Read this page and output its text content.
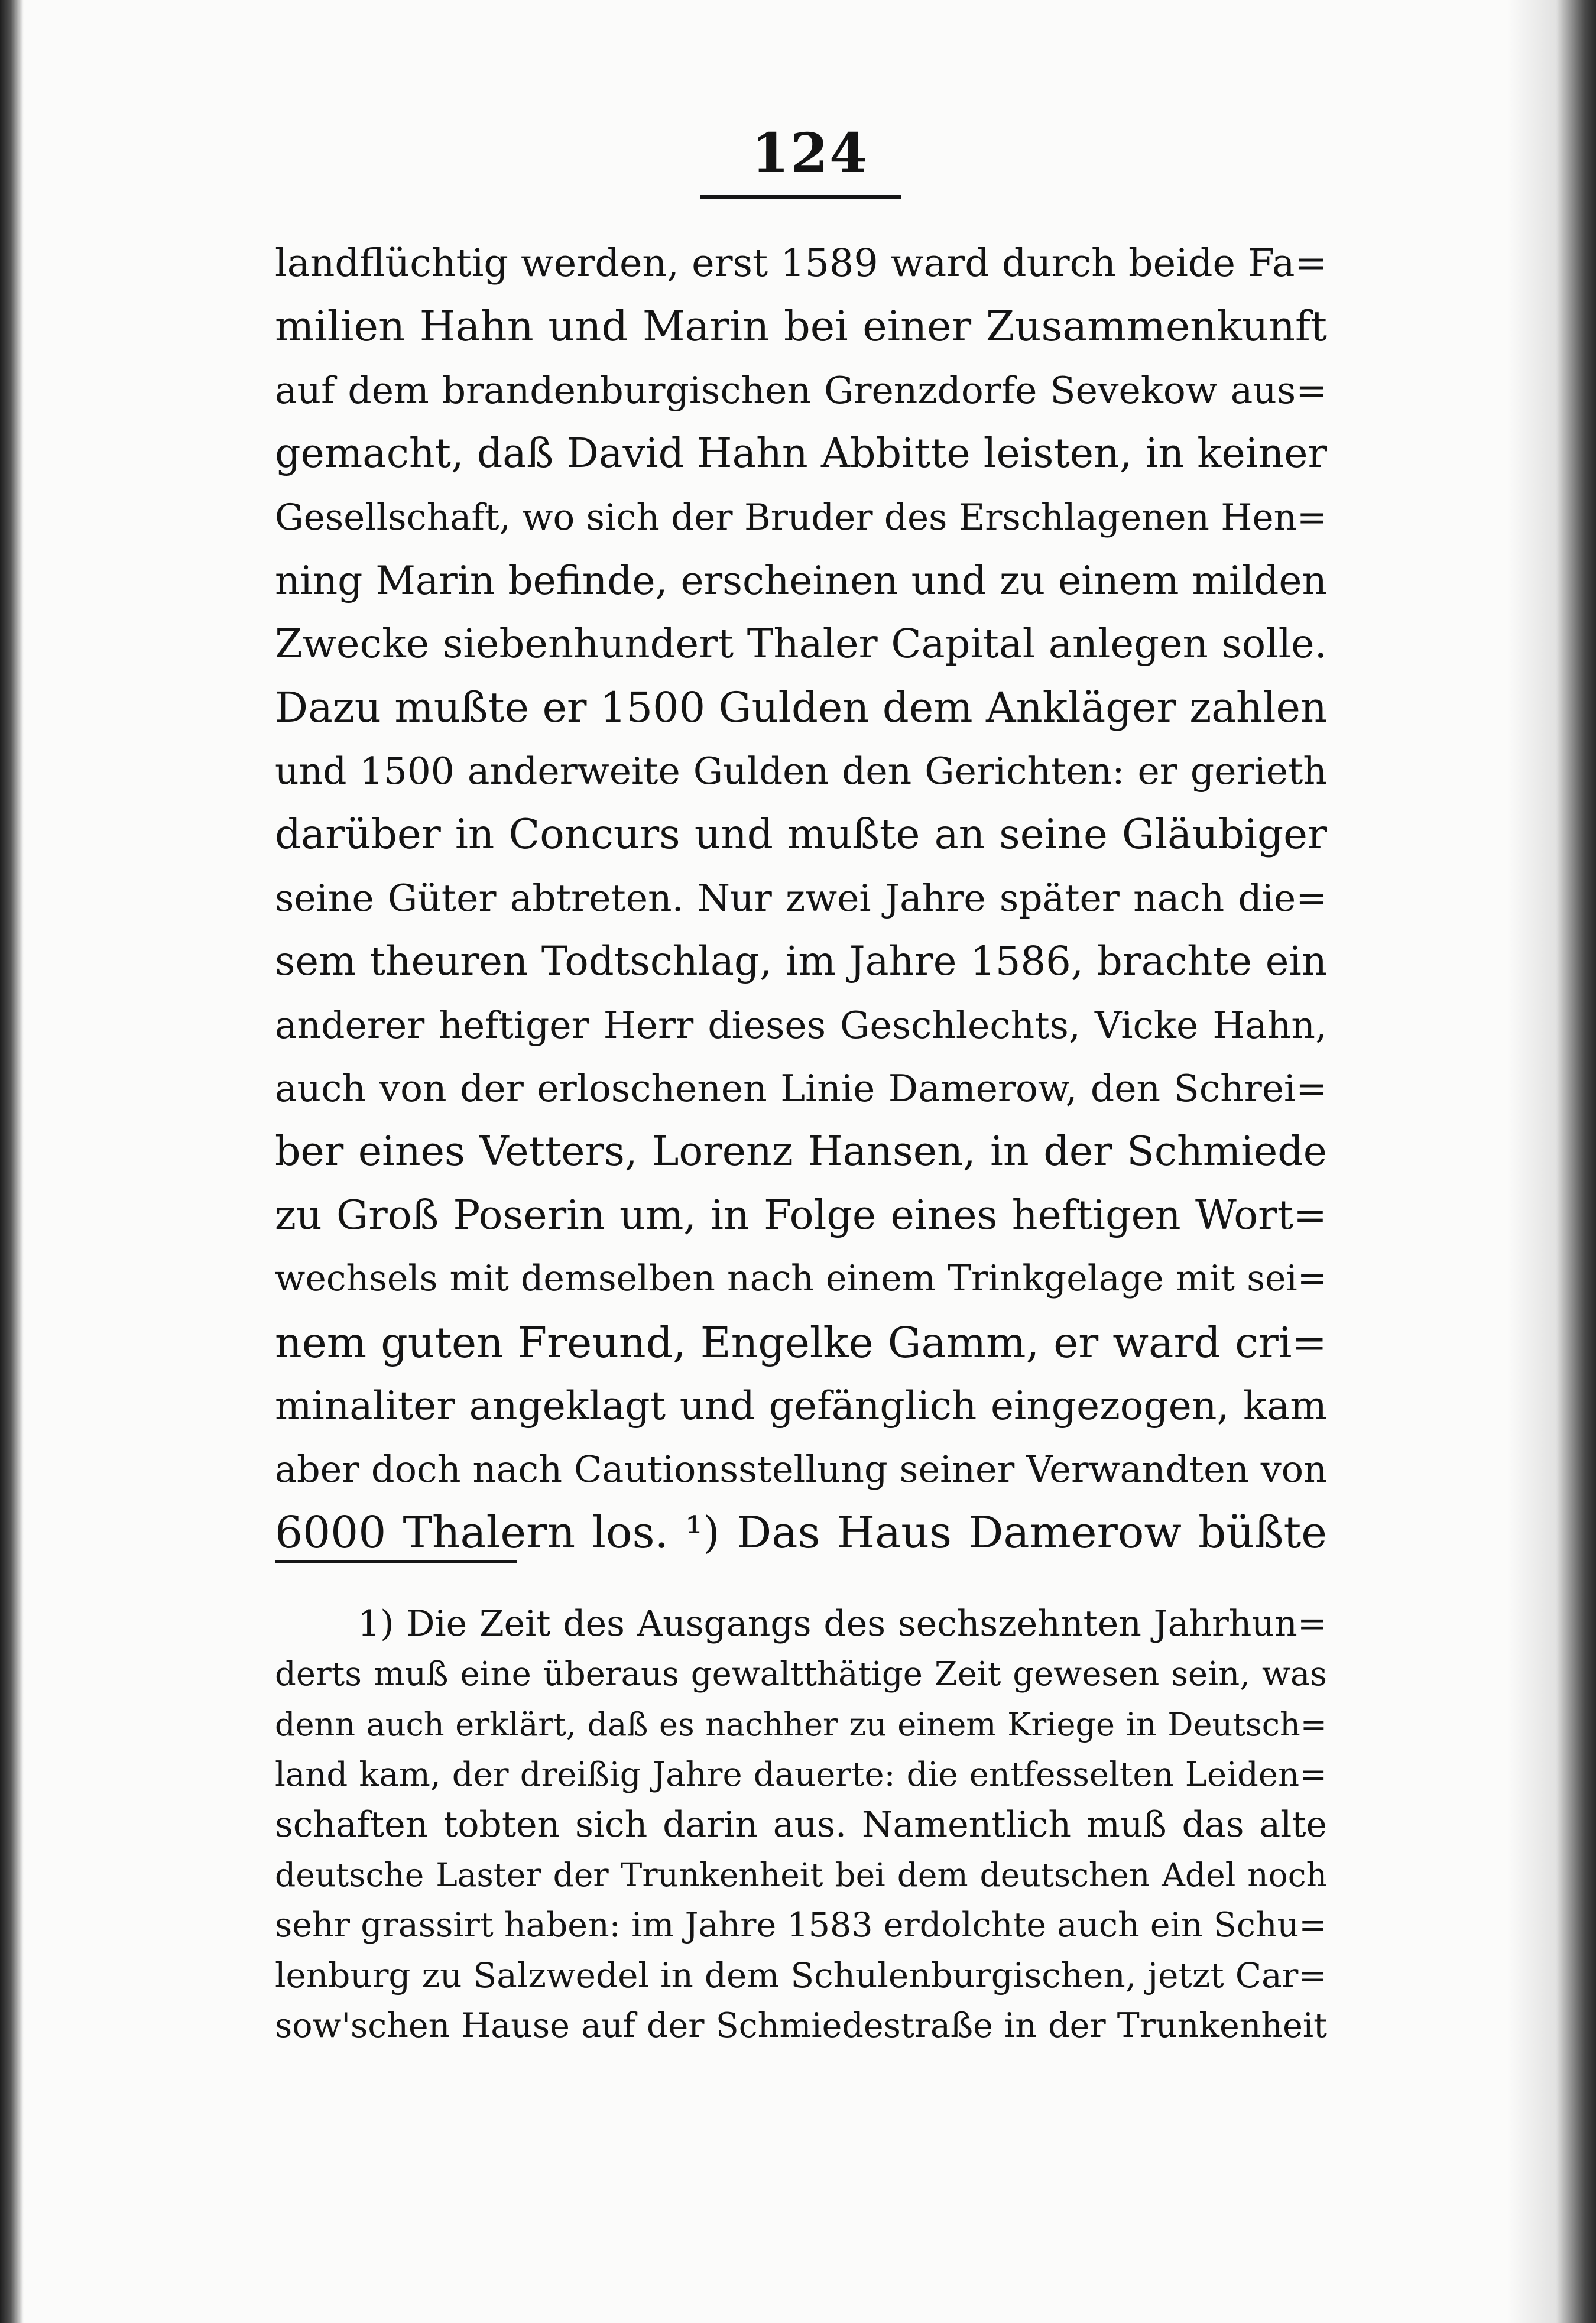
124
landflüchtig werden, erst 1589 ward durch beide Fa=
milien Hahn und Marin bei einer Zusammenkunft
auf dem brandenburgischen Grenzdorfe Sevekow aus=
gemacht, daß David Hahn Abbitte leisten, in keiner
Gesellschaft, wo sich der Bruder des Erschlagenen Hen=
ning Marin befinde, erscheinen und zu einem milden
Zwecke siebenhundert Thaler Capital anlegen solle.
Dazu mußte er 1500 Gulden dem Ankläger zahlen
und 1500 anderweite Gulden den Gerichten: er gerieth
darüber in Concurs und mußte an seine Gläubiger
seine Güter abtreten. Nur zwei Jahre später nach die=
sem theuren Todtschlag, im Jahre 1586, brachte ein
anderer heftiger Herr dieses Geschlechts, Vicke Hahn,
auch von der erloschenen Linie Damerow, den Schrei=
ber eines Vetters, Lorenz Hansen, in der Schmiede
zu Groß Poserin um, in Folge eines heftigen Wort=
wechsels mit demselben nach einem Trinkgelage mit sei=
nem guten Freund, Engelke Gamm, er ward cri=
minaliter angeklagt und gefänglich eingezogen, kam
aber doch nach Cautionsstellung seiner Verwandten von
6000 Thalern los. ¹) Das Haus Damerow büßte
1) Die Zeit des Ausgangs des sechszehnten Jahrhun=
derts muß eine überaus gewaltthätige Zeit gewesen sein, was
denn auch erklärt, daß es nachher zu einem Kriege in Deutsch=
land kam, der dreißig Jahre dauerte: die entfesselten Leiden=
schaften tobten sich darin aus. Namentlich muß das alte
deutsche Laster der Trunkenheit bei dem deutschen Adel noch
sehr grassirt haben: im Jahre 1583 erdolchte auch ein Schu=
lenburg zu Salzwedel in dem Schulenburgischen, jetzt Car=
sow'schen Hause auf der Schmiedestraße in der Trunkenheit
